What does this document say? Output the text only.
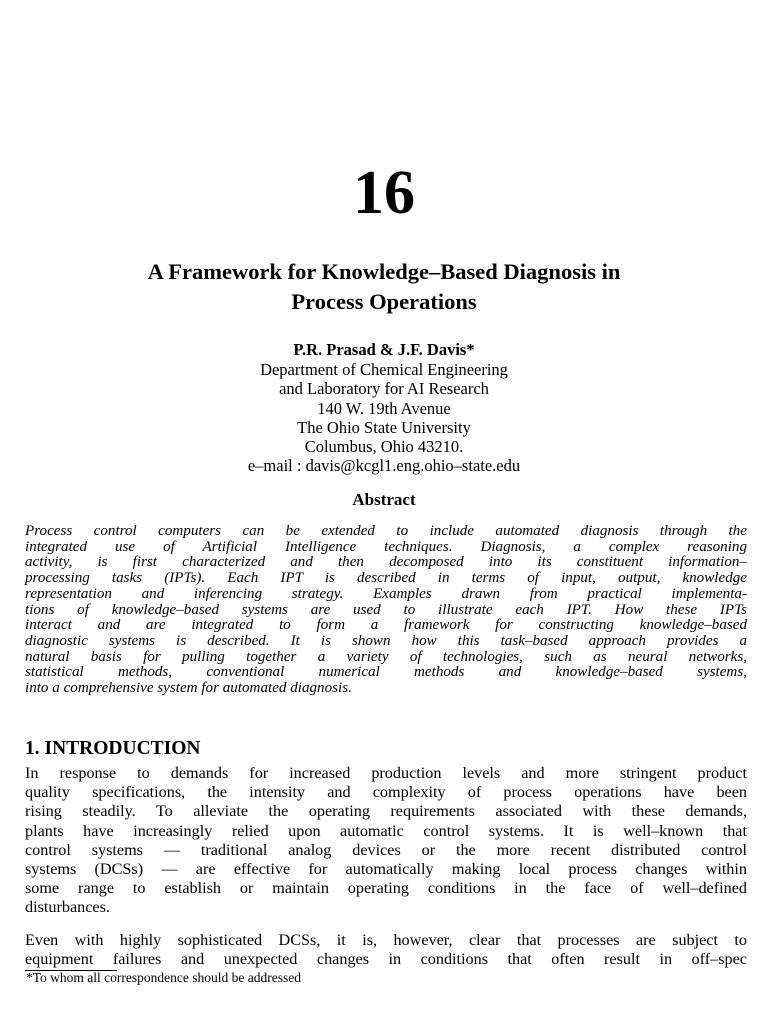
16
A Framework for Knowledge–Based Diagnosis in
Process Operations
P.R. Prasad & J.F. Davis*
Department of Chemical Engineering
and Laboratory for AI Research
140 W. 19th Avenue
The Ohio State University
Columbus, Ohio 43210.
e–mail : davis@kcgl1.eng.ohio–state.edu
Abstract
Process control computers can be extended to include automated diagnosis through the
integrated use of Artificial Intelligence techniques. Diagnosis, a complex reasoning
activity, is first characterized and then decomposed into its constituent information–
processing tasks (IPTs). Each IPT is described in terms of input, output, knowledge
representation and inferencing strategy. Examples drawn from practical implementa-
tions of knowledge–based systems are used to illustrate each IPT. How these IPTs
interact and are integrated to form a framework for constructing knowledge–based
diagnostic systems is described. It is shown how this task–based approach provides a
natural basis for pulling together a variety of technologies, such as neural networks,
statistical methods, conventional numerical methods and knowledge–based systems,
into a comprehensive system for automated diagnosis.
1. INTRODUCTION
In response to demands for increased production levels and more stringent product
quality specifications, the intensity and complexity of process operations have been
rising steadily. To alleviate the operating requirements associated with these demands,
plants have increasingly relied upon automatic control systems. It is well–known that
control systems — traditional analog devices or the more recent distributed control
systems (DCSs) — are effective for automatically making local process changes within
some range to establish or maintain operating conditions in the face of well–defined
disturbances.
Even with highly sophisticated DCSs, it is, however, clear that processes are subject to
equipment failures and unexpected changes in conditions that often result in off–spec
*To whom all correspondence should be addressed
